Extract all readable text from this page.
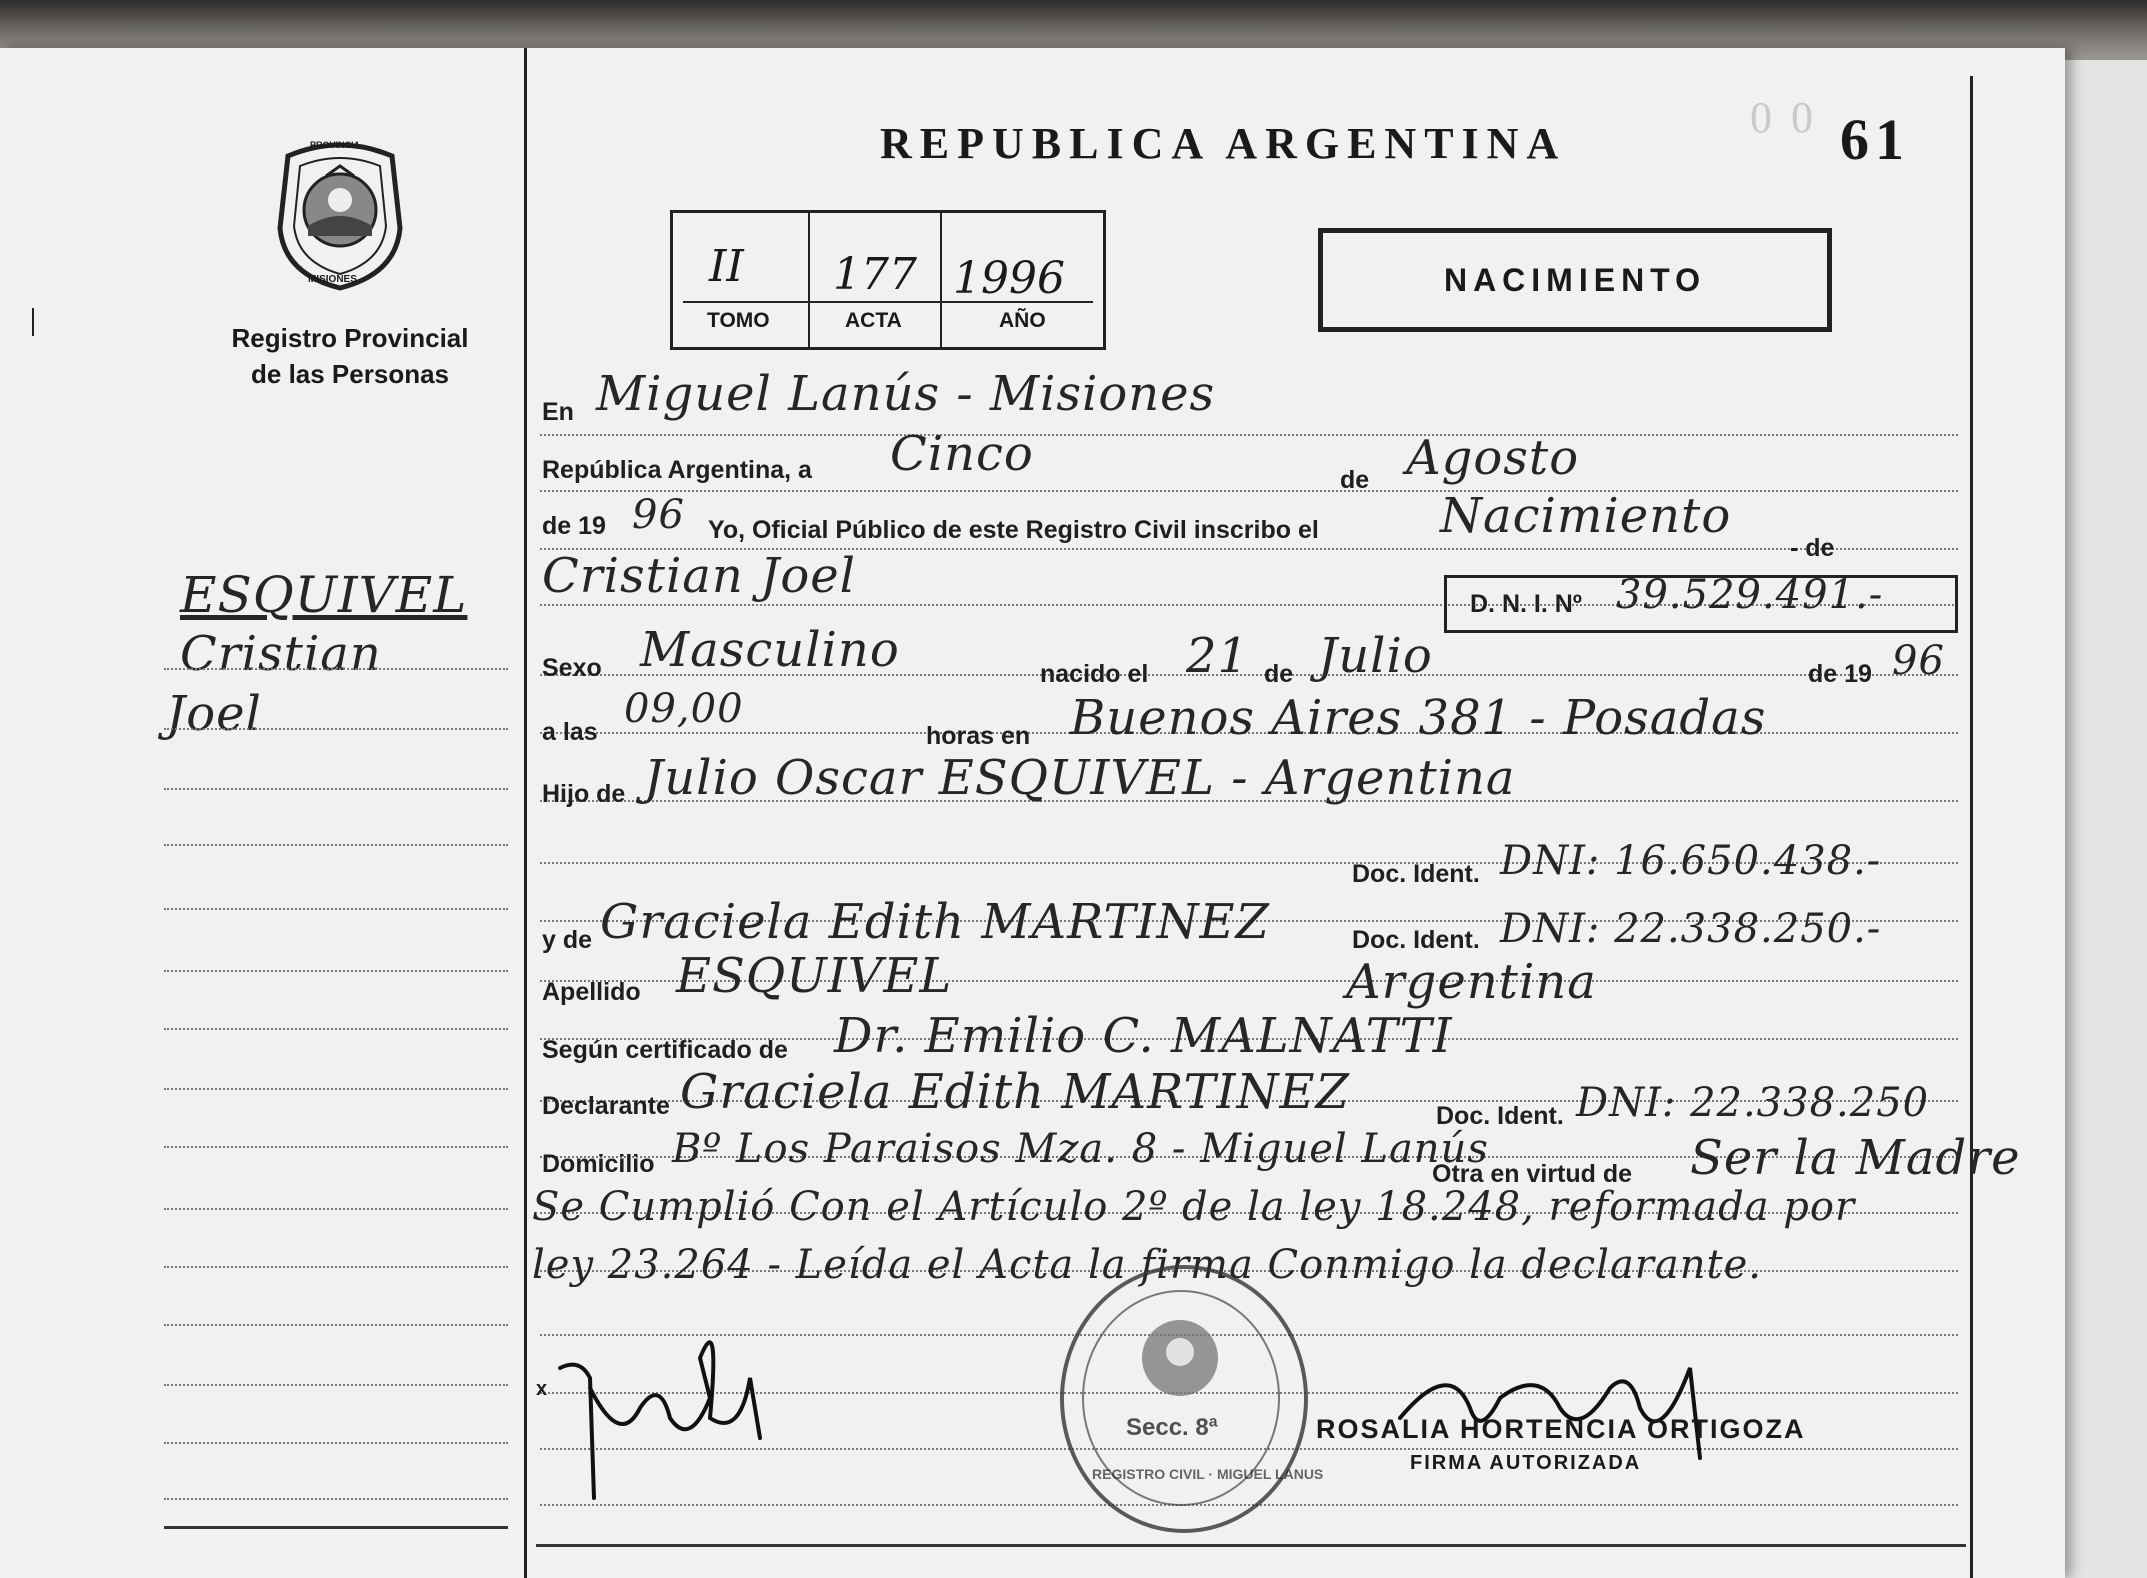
REPUBLICA ARGENTINA
0 0 61
PROVINCIA
MISIONES
Registro Provincial
de las Personas
II 177 1996
TOMO	ACTA	AÑO
NACIMIENTO
ESQUIVEL
Cristian
Joel
En Miguel Lanús - Misiones
República Argentina, a Cinco	de Agosto
de 19 96 Yo, Oficial Público de este Registro Civil inscribo el	Nacimiento
- de
Cristian Joel	D. N. I. Nº 39.529.491.-
Sexo Masculino	nacido el 21 de Julio	de 19 96
a las 09,00
horas en Buenos Aires 381 - Posadas
Hijo de Julio Oscar ESQUIVEL - Argentina
Doc. Ident. DNI: 16.650.438.-
y de Graciela Edith MARTINEZ	Doc. Ident. DNI: 22.338.250.-
Apellido ESQUIVEL	Argentina
Según certificado de Dr. Emilio C. MALNATTI
Declarante Graciela Edith MARTINEZ	Doc. Ident. DNI: 22.338.250
Domicilio Bº Los Paraisos Mza. 8 - Miguel Lanús
Otra en virtud de Ser la Madre
Se Cumplió Con el Artículo 2º de la ley 18.248, reformada por
ley 23.264 - Leída el Acta la firma Conmigo la declarante.
x
Secc. 8ª
REGISTRO CIVIL · MIGUEL LANUS
ROSALIA HORTENCIA ORTIGOZA
FIRMA AUTORIZADA
